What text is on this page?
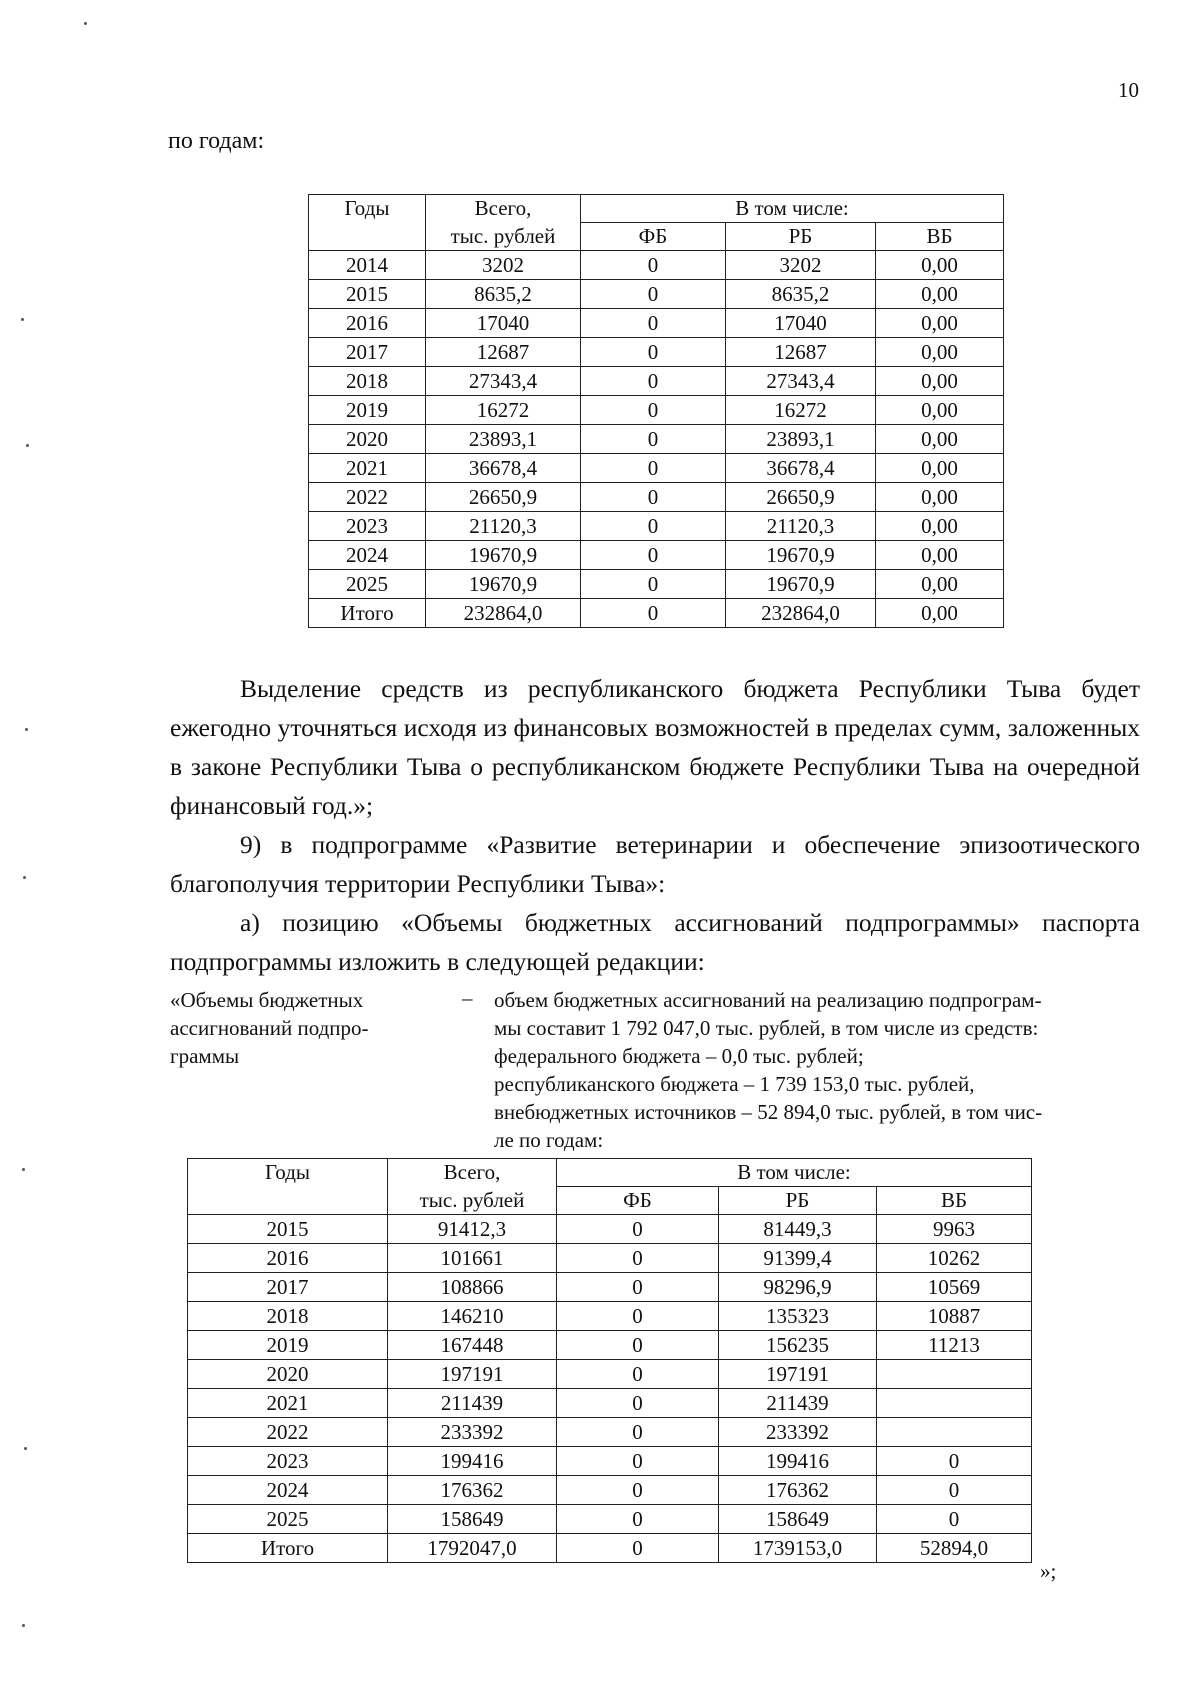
10
по годам:
Годы	Всего,	В том числе:		
	тыс. рублей	ФБ	РБ	ВБ
2014	3202	0	3202	0,00
2015	8635,2	0	8635,2	0,00
2016	17040	0	17040	0,00
2017	12687	0	12687	0,00
2018	27343,4	0	27343,4	0,00
2019	16272	0	16272	0,00
2020	23893,1	0	23893,1	0,00
2021	36678,4	0	36678,4	0,00
2022	26650,9	0	26650,9	0,00
2023	21120,3	0	21120,3	0,00
2024	19670,9	0	19670,9	0,00
2025	19670,9	0	19670,9	0,00
Итого	232864,0	0	232864,0	0,00
Выделение средств из республиканского бюджета Республики Тыва будет ежегодно уточняться исходя из финансовых возможностей в пределах сумм, заложенных в законе Республики Тыва о республиканском бюджете Республики Тыва на очередной финансовый год.»;
9) в подпрограмме «Развитие ветеринарии и обеспечение эпизоотического благополучия территории Республики Тыва»:
а) позицию «Объемы бюджетных ассигнований подпрограммы» паспорта подпрограммы изложить в следующей редакции:
«Объемы бюджетных
ассигнований подпро-
граммы
– объем бюджетных ассигнований на реализацию подпрограм-
мы составит 1 792 047,0 тыс. рублей, в том числе из средств:
федерального бюджета – 0,0 тыс. рублей;
республиканского бюджета – 1 739 153,0 тыс. рублей,
внебюджетных источников – 52 894,0 тыс. рублей, в том чис-
ле по годам:
Годы	Всего,	В том числе:		
	тыс. рублей	ФБ	РБ	ВБ
2015	91412,3	0	81449,3	9963
2016	101661	0	91399,4	10262
2017	108866	0	98296,9	10569
2018	146210	0	135323	10887
2019	167448	0	156235	11213
2020	197191	0	197191	
2021	211439	0	211439	
2022	233392	0	233392	
2023	199416	0	199416	0
2024	176362	0	176362	0
2025	158649	0	158649	0
Итого	1792047,0	0	1739153,0	52894,0
»;
